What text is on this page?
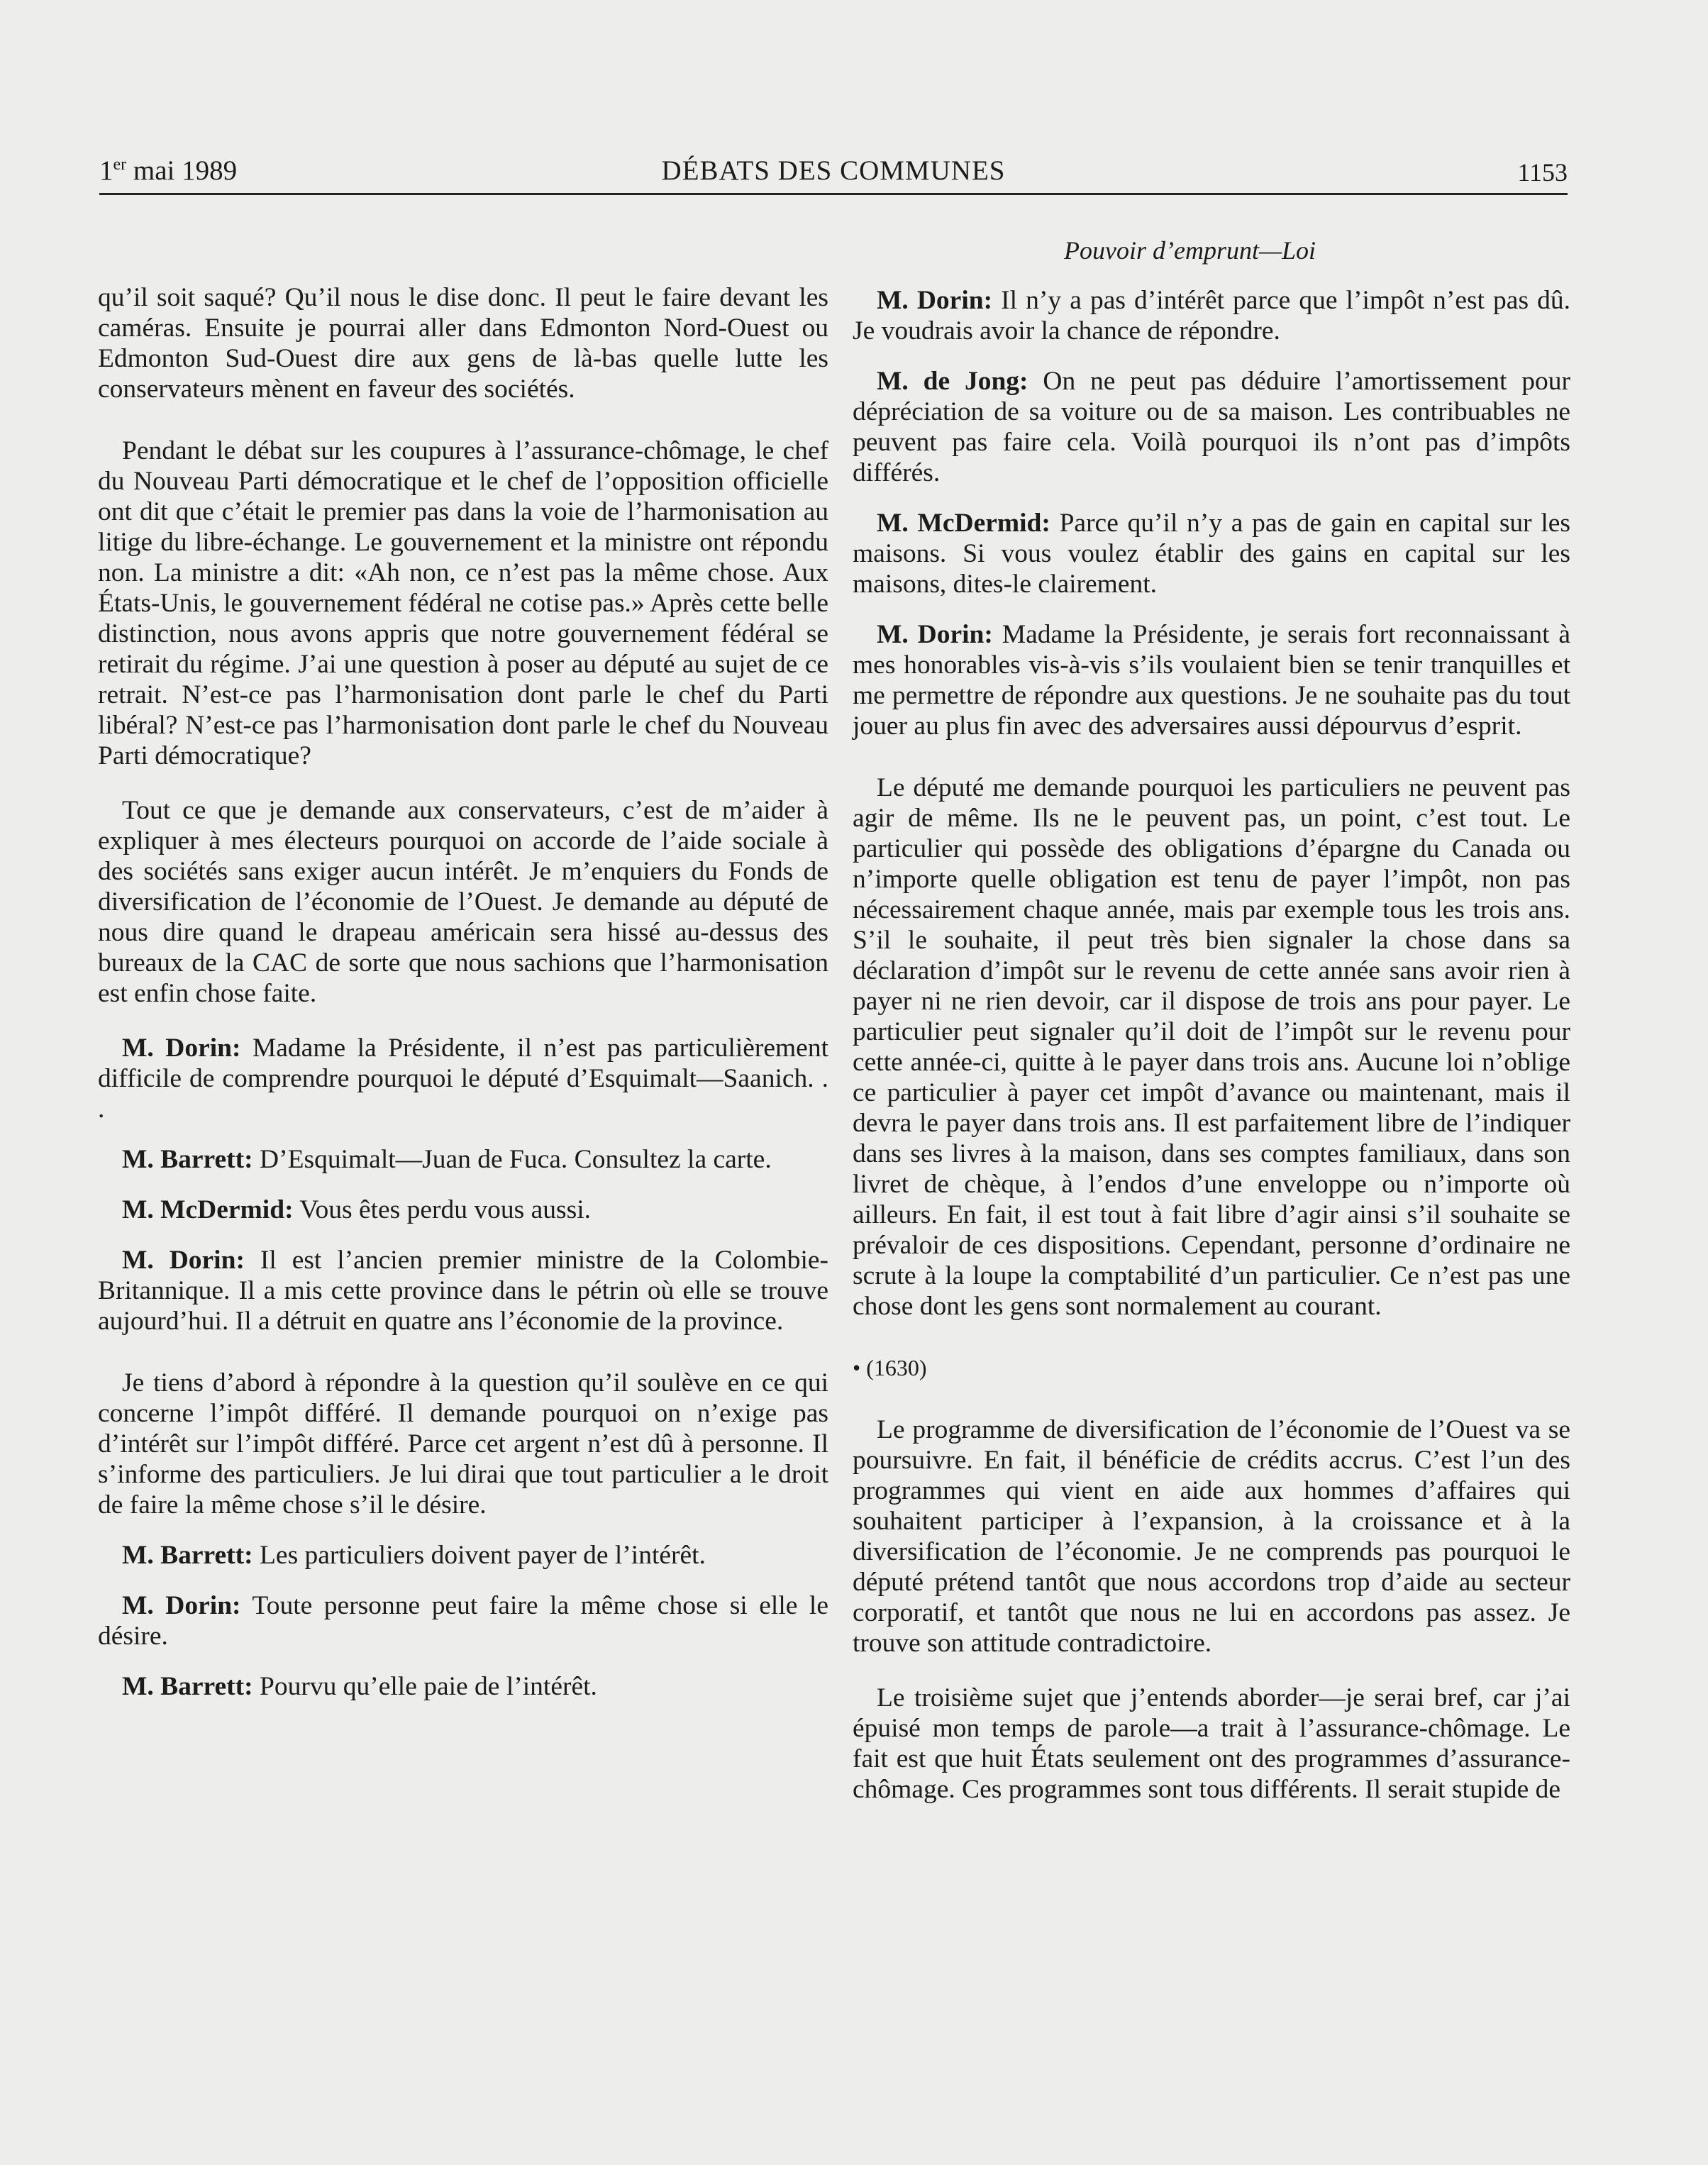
1er mai 1989	DÉBATS DES COMMUNES	1153
Pouvoir d’emprunt—Loi

qu’il soit saqué? Qu’il nous le dise donc. Il peut le faire devant les caméras. Ensuite je pourrai aller dans Edmonton Nord-Ouest ou Edmonton Sud-Ouest dire aux gens de là-bas quelle lutte les conservateurs mènent en faveur des sociétés.

Pendant le débat sur les coupures à l’assurance-chômage, le chef du Nouveau Parti démocratique et le chef de l’opposition officielle ont dit que c’était le premier pas dans la voie de l’harmonisation au litige du libre-échange. Le gouvernement et la ministre ont répondu non. La ministre a dit: «Ah non, ce n’est pas la même chose. Aux États-Unis, le gouvernement fédéral ne cotise pas.» Après cette belle distinction, nous avons appris que notre gouvernement fédéral se retirait du régime. J’ai une question à poser au député au sujet de ce retrait. N’est-ce pas l’harmonisation dont parle le chef du Parti libéral? N’est-ce pas l’harmonisation dont parle le chef du Nouveau Parti démocratique?

Tout ce que je demande aux conservateurs, c’est de m’aider à expliquer à mes électeurs pourquoi on accorde de l’aide sociale à des sociétés sans exiger aucun intérêt. Je m’enquiers du Fonds de diversification de l’économie de l’Ouest. Je demande au député de nous dire quand le drapeau américain sera hissé au-dessus des bureaux de la CAC de sorte que nous sachions que l’harmonisation est enfin chose faite.

M. Dorin: Madame la Présidente, il n’est pas particulièrement difficile de comprendre pourquoi le député d’Esquimalt—Saanich. . .

M. Barrett: D’Esquimalt—Juan de Fuca. Consultez la carte.

M. McDermid: Vous êtes perdu vous aussi.

M. Dorin: Il est l’ancien premier ministre de la Colombie-Britannique. Il a mis cette province dans le pétrin où elle se trouve aujourd’hui. Il a détruit en quatre ans l’économie de la province.

Je tiens d’abord à répondre à la question qu’il soulève en ce qui concerne l’impôt différé. Il demande pourquoi on n’exige pas d’intérêt sur l’impôt différé. Parce cet argent n’est dû à personne. Il s’informe des particuliers. Je lui dirai que tout particulier a le droit de faire la même chose s’il le désire.

M. Barrett: Les particuliers doivent payer de l’intérêt.

M. Dorin: Toute personne peut faire la même chose si elle le désire.

M. Barrett: Pourvu qu’elle paie de l’intérêt.

M. Dorin: Il n’y a pas d’intérêt parce que l’impôt n’est pas dû. Je voudrais avoir la chance de répondre.

M. de Jong: On ne peut pas déduire l’amortissement pour dépréciation de sa voiture ou de sa maison. Les contribuables ne peuvent pas faire cela. Voilà pourquoi ils n’ont pas d’impôts différés.

M. McDermid: Parce qu’il n’y a pas de gain en capital sur les maisons. Si vous voulez établir des gains en capital sur les maisons, dites-le clairement.

M. Dorin: Madame la Présidente, je serais fort reconnaissant à mes honorables vis-à-vis s’ils voulaient bien se tenir tranquilles et me permettre de répondre aux questions. Je ne souhaite pas du tout jouer au plus fin avec des adversaires aussi dépourvus d’esprit.

Le député me demande pourquoi les particuliers ne peuvent pas agir de même. Ils ne le peuvent pas, un point, c’est tout. Le particulier qui possède des obligations d’épargne du Canada ou n’importe quelle obligation est tenu de payer l’impôt, non pas nécessairement chaque année, mais par exemple tous les trois ans. S’il le souhaite, il peut très bien signaler la chose dans sa déclaration d’impôt sur le revenu de cette année sans avoir rien à payer ni ne rien devoir, car il dispose de trois ans pour payer. Le particulier peut signaler qu’il doit de l’impôt sur le revenu pour cette année-ci, quitte à le payer dans trois ans. Aucune loi n’oblige ce particulier à payer cet impôt d’avance ou maintenant, mais il devra le payer dans trois ans. Il est parfaitement libre de l’indiquer dans ses livres à la maison, dans ses comptes familiaux, dans son livret de chèque, à l’endos d’une enveloppe ou n’importe où ailleurs. En fait, il est tout à fait libre d’agir ainsi s’il souhaite se prévaloir de ces dispositions. Cependant, personne d’ordinaire ne scrute à la loupe la comptabilité d’un particulier. Ce n’est pas une chose dont les gens sont normalement au courant.

• (1630)

Le programme de diversification de l’économie de l’Ouest va se poursuivre. En fait, il bénéficie de crédits accrus. C’est l’un des programmes qui vient en aide aux hommes d’affaires qui souhaitent participer à l’expansion, à la croissance et à la diversification de l’économie. Je ne comprends pas pourquoi le député prétend tantôt que nous accordons trop d’aide au secteur corporatif, et tantôt que nous ne lui en accordons pas assez. Je trouve son attitude contradictoire.

Le troisième sujet que j’entends aborder—je serai bref, car j’ai épuisé mon temps de parole—a trait à l’assurance-chômage. Le fait est que huit États seulement ont des programmes d’assurance-chômage. Ces programmes sont tous différents. Il serait stupide de
